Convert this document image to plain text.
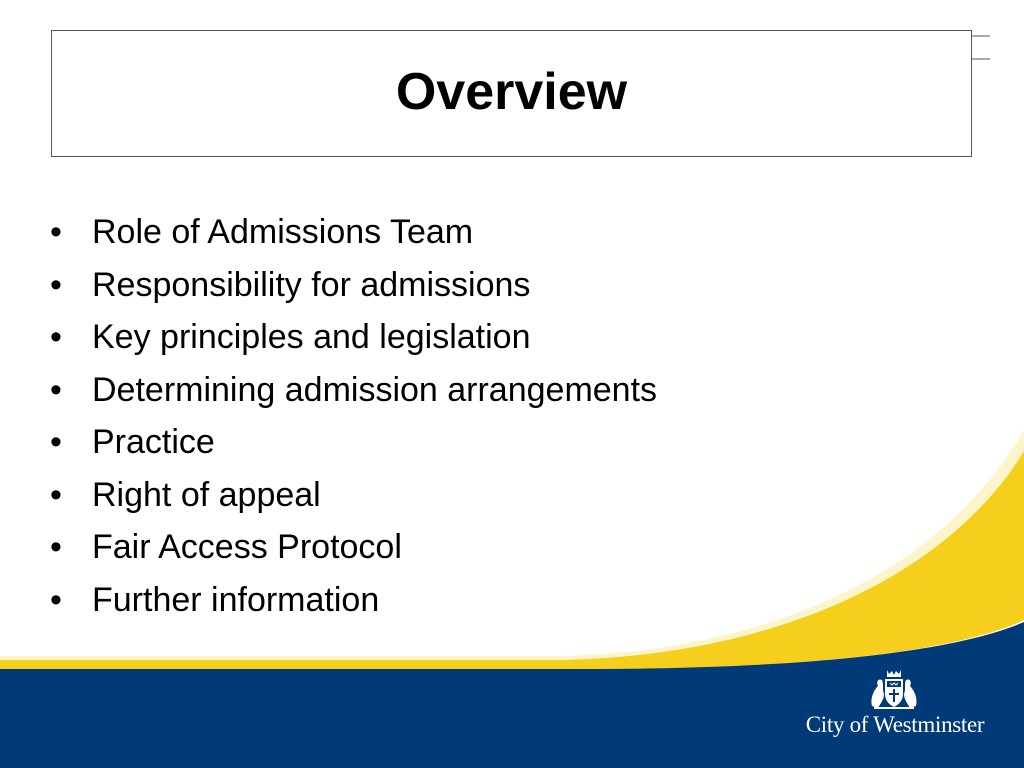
Overview
• Role of Admissions Team
• Responsibility for admissions
• Key principles and legislation
• Determining admission arrangements
• Practice
• Right of appeal
• Fair Access Protocol
• Further information
City of Westminster
